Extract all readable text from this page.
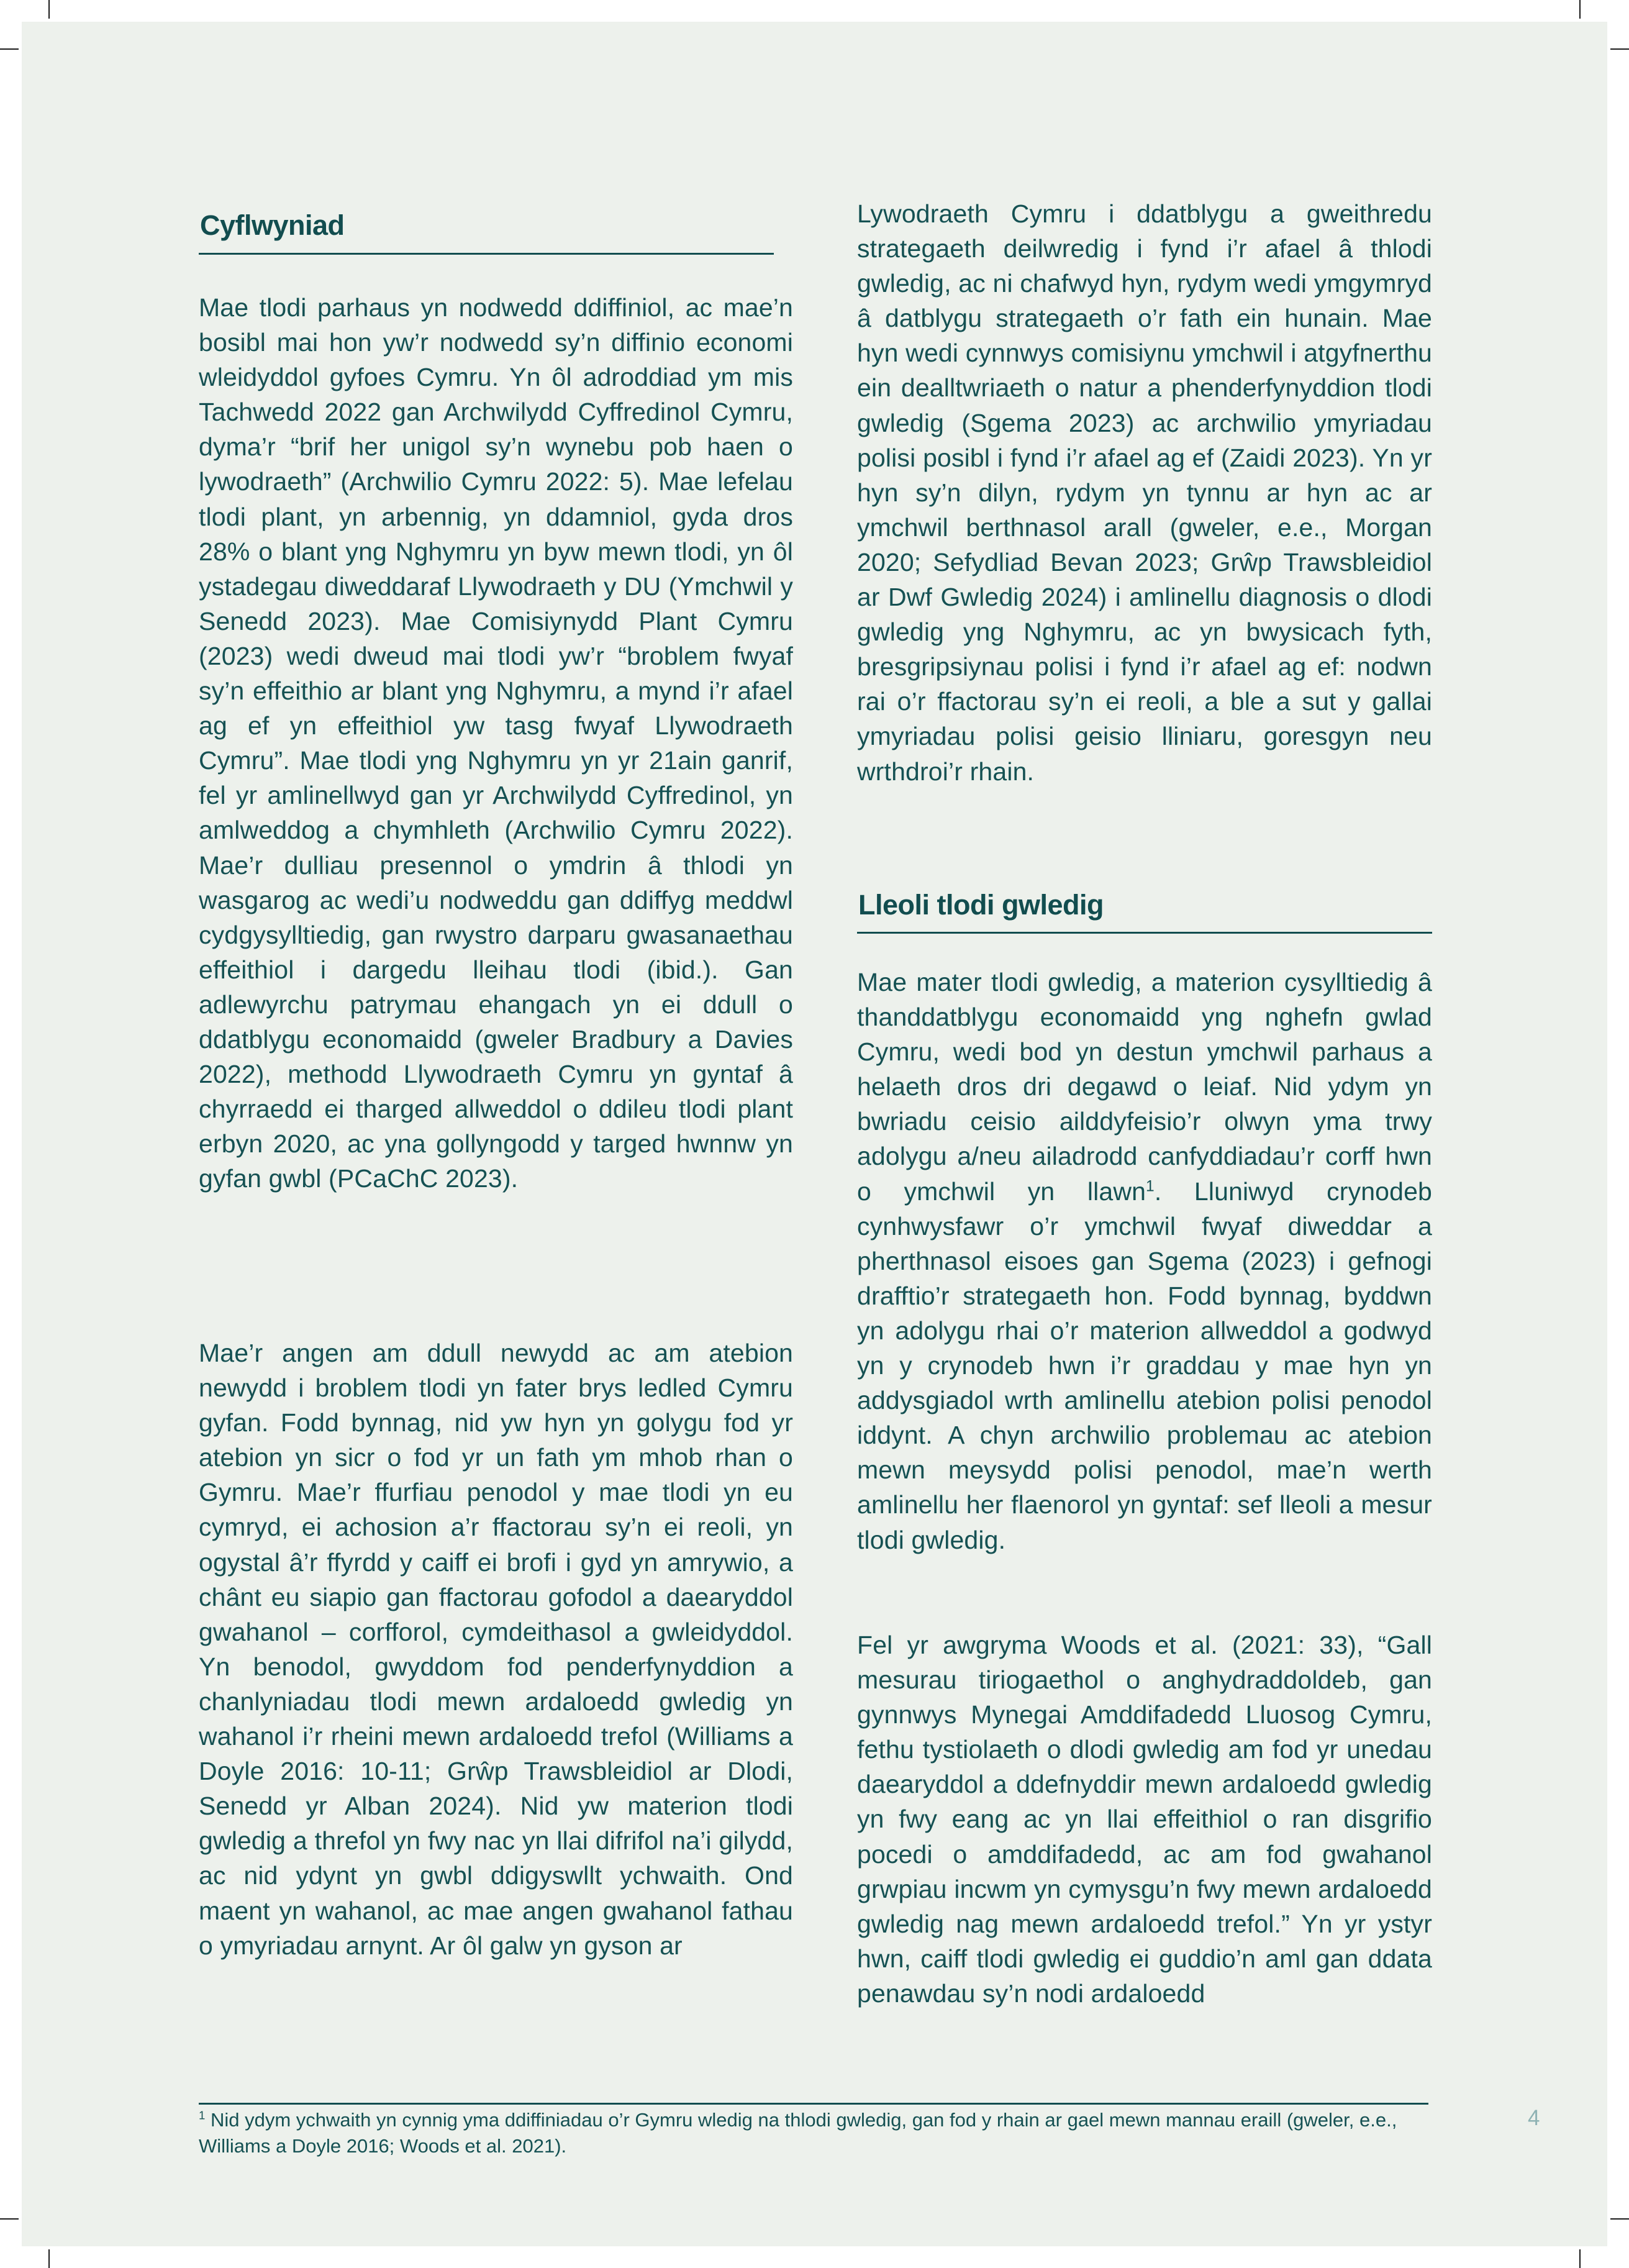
Cyflwyniad

Mae tlodi parhaus yn nodwedd ddiffiniol, ac mae’n bosibl mai hon yw’r nodwedd sy’n diffinio economi wleidyddol gyfoes Cymru. Yn ôl adroddiad ym mis Tachwedd 2022 gan Archwilydd Cyffredinol Cymru, dyma’r “brif her unigol sy’n wynebu pob haen o lywodraeth” (Archwilio Cymru 2022: 5). Mae lefelau tlodi plant, yn arbennig, yn ddamniol, gyda dros 28% o blant yng Nghymru yn byw mewn tlodi, yn ôl ystadegau diweddaraf Llywodraeth y DU (Ymchwil y Senedd 2023). Mae Comisiynydd Plant Cymru (2023) wedi dweud mai tlodi yw’r “broblem fwyaf sy’n effeithio ar blant yng Nghymru, a mynd i’r afael ag ef yn effeithiol yw tasg fwyaf Llywodraeth Cymru”. Mae tlodi yng Nghymru yn yr 21ain ganrif, fel yr amlinellwyd gan yr Archwilydd Cyffredinol, yn amlweddog a chymhleth (Archwilio Cymru 2022). Mae’r dulliau presennol o ymdrin â thlodi yn wasgarog ac wedi’u nodweddu gan ddiffyg meddwl cydgysylltiedig, gan rwystro darparu gwasanaethau effeithiol i dargedu lleihau tlodi (ibid.). Gan adlewyrchu patrymau ehangach yn ei ddull o ddatblygu economaidd (gweler Bradbury a Davies 2022), methodd Llywodraeth Cymru yn gyntaf â chyrraedd ei tharged allweddol o ddileu tlodi plant erbyn 2020, ac yna gollyngodd y targed hwnnw yn gyfan gwbl (PCaChC 2023).

Mae’r angen am ddull newydd ac am atebion newydd i broblem tlodi yn fater brys ledled Cymru gyfan. Fodd bynnag, nid yw hyn yn golygu fod yr atebion yn sicr o fod yr un fath ym mhob rhan o Gymru. Mae’r ffurfiau penodol y mae tlodi yn eu cymryd, ei achosion a’r ffactorau sy’n ei reoli, yn ogystal â’r ffyrdd y caiff ei brofi i gyd yn amrywio, a chânt eu siapio gan ffactorau gofodol a daearyddol gwahanol – corfforol, cymdeithasol a gwleidyddol. Yn benodol, gwyddom fod penderfynyddion a chanlyniadau tlodi mewn ardaloedd gwledig yn wahanol i’r rheini mewn ardaloedd trefol (Williams a Doyle 2016: 10-11; Grŵp Trawsbleidiol ar Dlodi, Senedd yr Alban 2024). Nid yw materion tlodi gwledig a threfol yn fwy nac yn llai difrifol na’i gilydd, ac nid ydynt yn gwbl ddigyswllt ychwaith. Ond maent yn wahanol, ac mae angen gwahanol fathau o ymyriadau arnynt. Ar ôl galw yn gyson ar

Lywodraeth Cymru i ddatblygu a gweithredu strategaeth deilwredig i fynd i’r afael â thlodi gwledig, ac ni chafwyd hyn, rydym wedi ymgymryd â datblygu strategaeth o’r fath ein hunain. Mae hyn wedi cynnwys comisiynu ymchwil i atgyfnerthu ein dealltwriaeth o natur a phenderfynyddion tlodi gwledig (Sgema 2023) ac archwilio ymyriadau polisi posibl i fynd i’r afael ag ef (Zaidi 2023). Yn yr hyn sy’n dilyn, rydym yn tynnu ar hyn ac ar ymchwil berthnasol arall (gweler, e.e., Morgan 2020; Sefydliad Bevan 2023; Grŵp Trawsbleidiol ar Dwf Gwledig 2024) i amlinellu diagnosis o dlodi gwledig yng Nghymru, ac yn bwysicach fyth, bresgripsiynau polisi i fynd i’r afael ag ef: nodwn rai o’r ffactorau sy’n ei reoli, a ble a sut y gallai ymyriadau polisi geisio lliniaru, goresgyn neu wrthdroi’r rhain.

Lleoli tlodi gwledig

Mae mater tlodi gwledig, a materion cysylltiedig â thanddatblygu economaidd yng nghefn gwlad Cymru, wedi bod yn destun ymchwil parhaus a helaeth dros dri degawd o leiaf. Nid ydym yn bwriadu ceisio ailddyfeisio’r olwyn yma trwy adolygu a/neu ailadrodd canfyddiadau’r corff hwn o ymchwil yn llawn$^1$. Lluniwyd crynodeb cynhwysfawr o’r ymchwil fwyaf diweddar a pherthnasol eisoes gan Sgema (2023) i gefnogi drafftio’r strategaeth hon. Fodd bynnag, byddwn yn adolygu rhai o’r materion allweddol a godwyd yn y crynodeb hwn i’r graddau y mae hyn yn addysgiadol wrth amlinellu atebion polisi penodol iddynt. A chyn archwilio problemau ac atebion mewn meysydd polisi penodol, mae’n werth amlinellu her flaenorol yn gyntaf: sef lleoli a mesur tlodi gwledig.

Fel yr awgryma Woods et al. (2021: 33), “Gall mesurau tiriogaethol o anghydraddoldeb, gan gynnwys Mynegai Amddifadedd Lluosog Cymru, fethu tystiolaeth o dlodi gwledig am fod yr unedau daearyddol a ddefnyddir mewn ardaloedd gwledig yn fwy eang ac yn llai effeithiol o ran disgrifio pocedi o amddifadedd, ac am fod gwahanol grwpiau incwm yn cymysgu’n fwy mewn ardaloedd gwledig nag mewn ardaloedd trefol.” Yn yr ystyr hwn, caiff tlodi gwledig ei guddio’n aml gan ddata penawdau sy’n nodi ardaloedd

$^1$ Nid ydym ychwaith yn cynnig yma ddiffiniadau o’r Gymru wledig na thlodi gwledig, gan fod y rhain ar gael mewn mannau eraill (gweler, e.e., Williams a Doyle 2016; Woods et al. 2021).

4
